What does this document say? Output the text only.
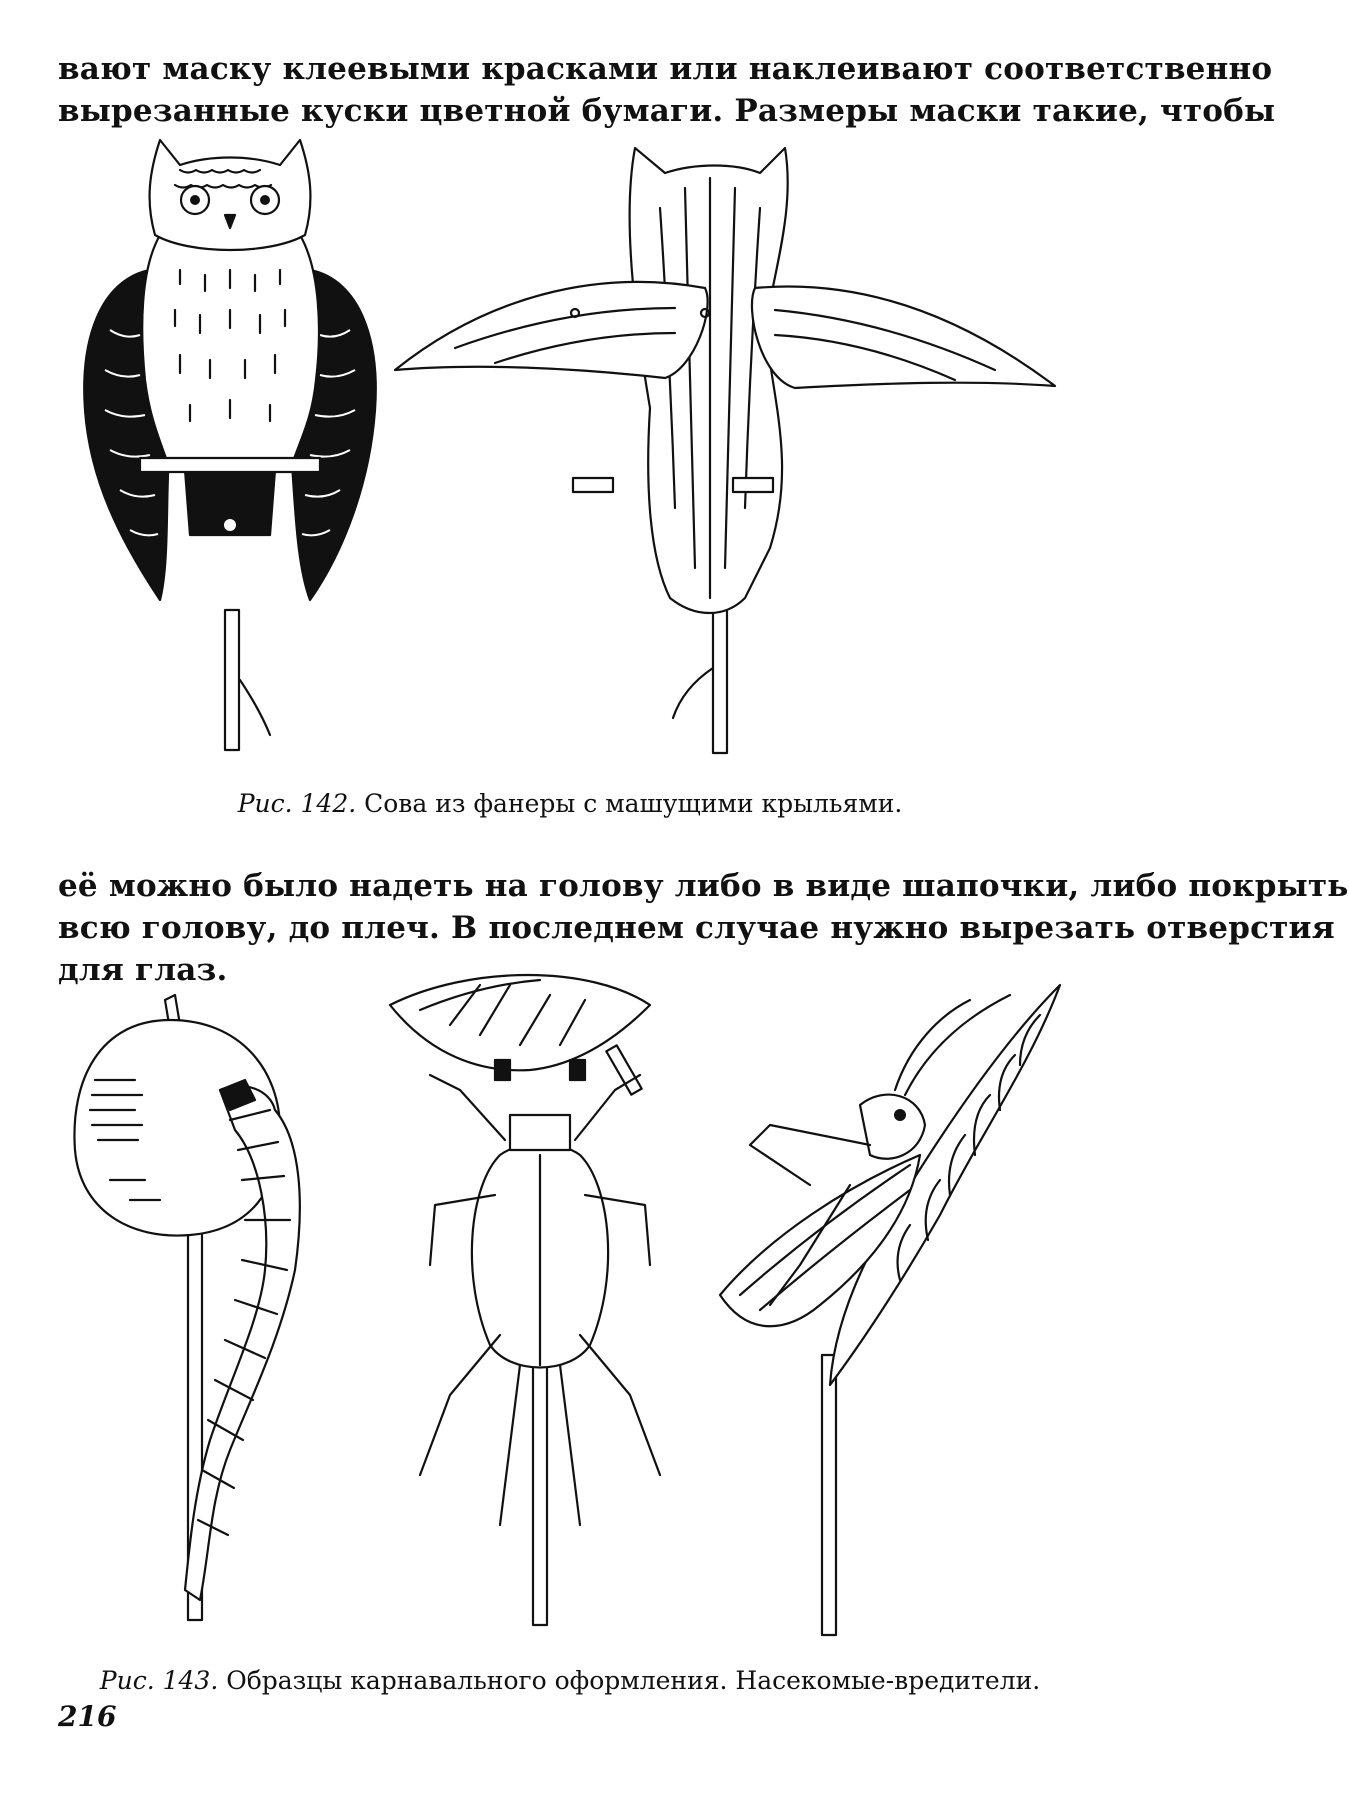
вают маску клеевыми красками или наклеивают соответственно
вырезанные куски цветной бумаги. Размеры маски такие, чтобы
Рис. 142. Сова из фанеры с машущими крыльями.
её можно было надеть на голову либо в виде шапочки, либо покрыть
всю голову, до плеч. В последнем случае нужно вырезать отверстия
для глаз.
Рис. 143. Образцы карнавального оформления. Насекомые-вредители.
216
